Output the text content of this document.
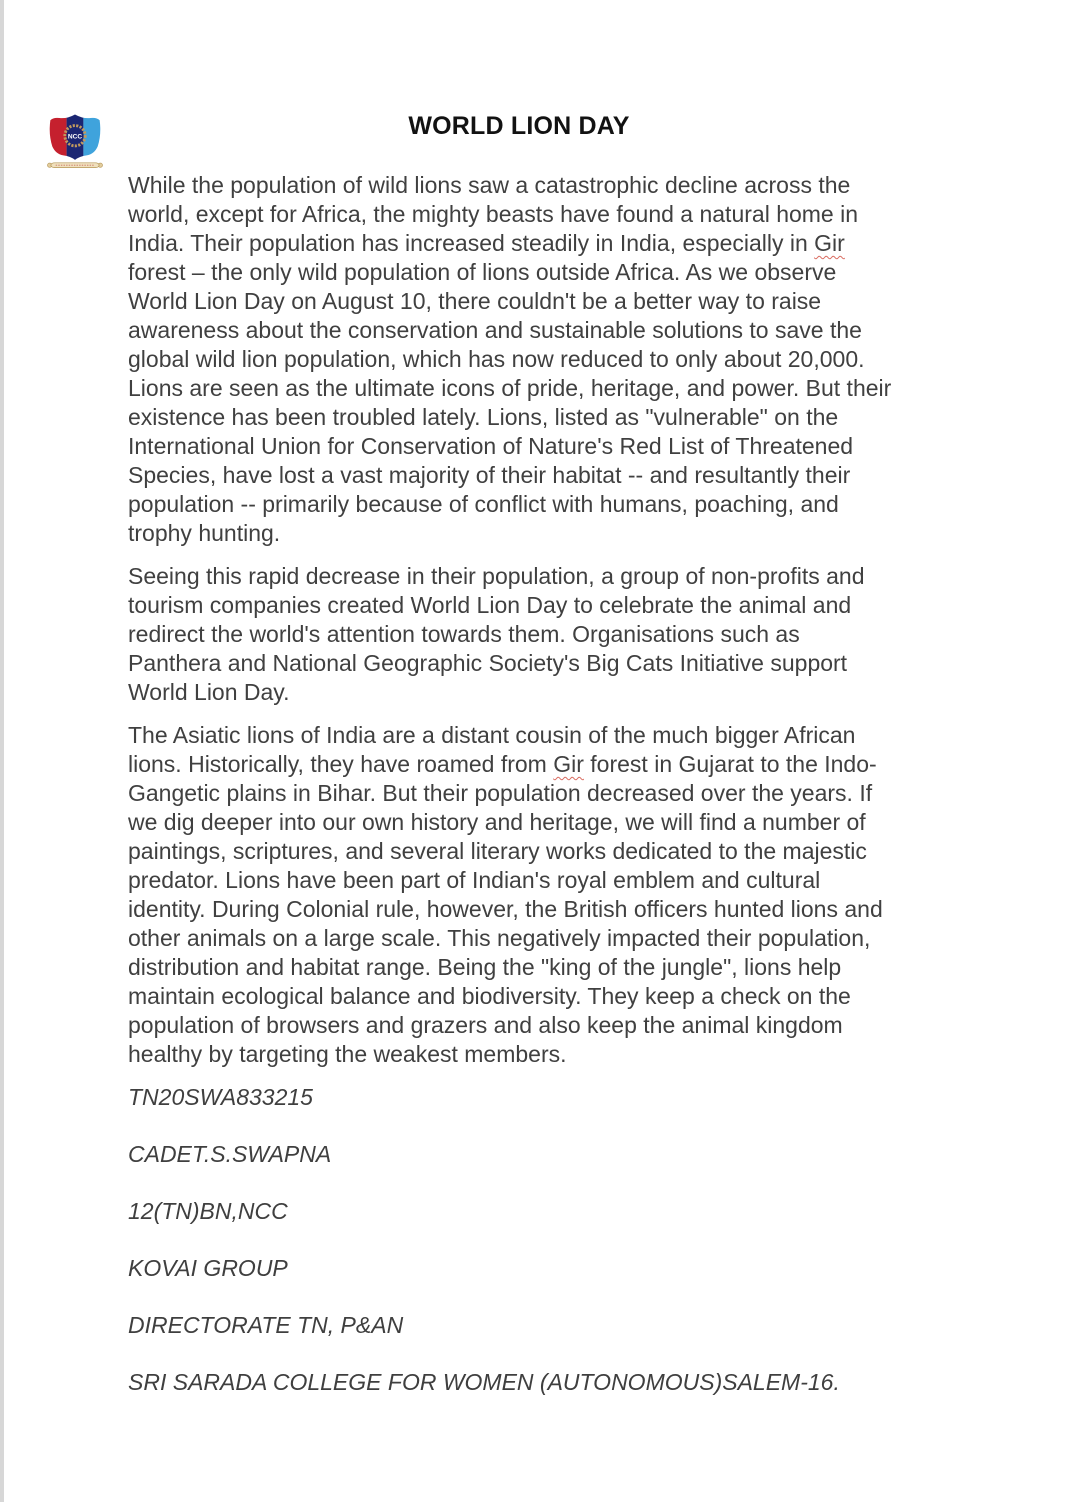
NCC	WORLD LION DAY
While the population of wild lions saw a catastrophic decline across the
world, except for Africa, the mighty beasts have found a natural home in
India. Their population has increased steadily in India, especially in Gir
forest – the only wild population of lions outside Africa. As we observe
World Lion Day on August 10, there couldn't be a better way to raise
awareness about the conservation and sustainable solutions to save the
global wild lion population, which has now reduced to only about 20,000.
Lions are seen as the ultimate icons of pride, heritage, and power. But their
existence has been troubled lately. Lions, listed as "vulnerable" on the
International Union for Conservation of Nature's Red List of Threatened
Species, have lost a vast majority of their habitat -- and resultantly their
population -- primarily because of conflict with humans, poaching, and
trophy hunting.
Seeing this rapid decrease in their population, a group of non-profits and
tourism companies created World Lion Day to celebrate the animal and
redirect the world's attention towards them. Organisations such as
Panthera and National Geographic Society's Big Cats Initiative support
World Lion Day.
The Asiatic lions of India are a distant cousin of the much bigger African
lions. Historically, they have roamed from Gir forest in Gujarat to the Indo-
Gangetic plains in Bihar. But their population decreased over the years. If
we dig deeper into our own history and heritage, we will find a number of
paintings, scriptures, and several literary works dedicated to the majestic
predator. Lions have been part of Indian's royal emblem and cultural
identity. During Colonial rule, however, the British officers hunted lions and
other animals on a large scale. This negatively impacted their population,
distribution and habitat range. Being the "king of the jungle", lions help
maintain ecological balance and biodiversity. They keep a check on the
population of browsers and grazers and also keep the animal kingdom
healthy by targeting the weakest members.
TN20SWA833215
CADET.S.SWAPNA
12(TN)BN,NCC
KOVAI GROUP
DIRECTORATE TN, P&AN
SRI SARADA COLLEGE FOR WOMEN (AUTONOMOUS)SALEM-16.
